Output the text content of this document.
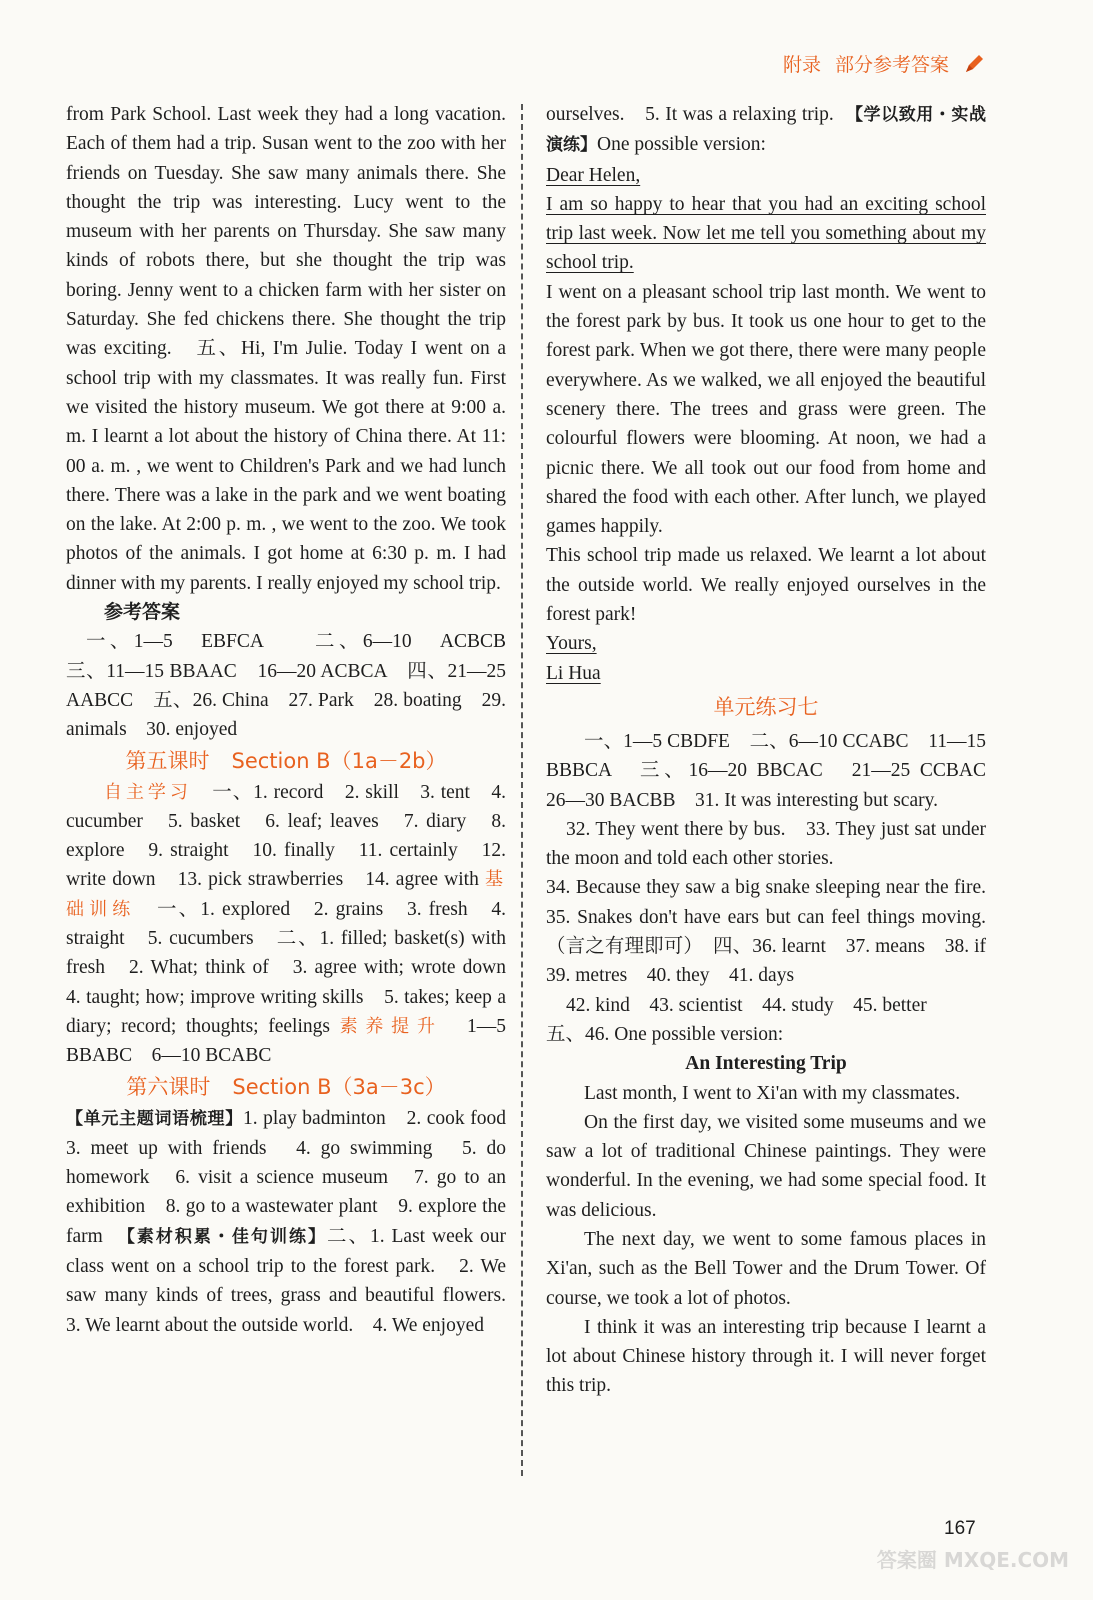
附录 部分参考答案

from Park School. Last week they had a long vacation. Each of them had a trip. Susan went to the zoo with her friends on Tuesday. She saw many animals there. She thought the trip was interesting. Lucy went to the museum with her parents on Thursday. She saw many kinds of robots there, but she thought the trip was boring. Jenny went to a chicken farm with her sister on Saturday. She fed chickens there. She thought the trip was exciting.　五、Hi, I'm Julie. Today I went on a school trip with my classmates. It was really fun. First we visited the history museum. We got there at 9:00 a. m. I learnt a lot about the history of China there. At 11: 00 a. m. , we went to Children's Park and we had lunch there. There was a lake in the park and we went boating on the lake. At 2:00 p. m. , we went to the zoo. We took photos of the animals. I got home at 6:30 p. m. I had dinner with my parents. I really enjoyed my school trip.

参考答案

一、1—5　EBFCA　　二、6—10　ACBCB　三、11—15 BBAAC　16—20 ACBCA　四、21—25 AABCC　五、26. China　27. Park　28. boating　29. animals　30. enjoyed

第五课时 Section B（1a－2b）

自主学习　一、1. record　2. skill　3. tent　4. cucumber　5. basket　6. leaf; leaves　7. diary　8. explore　9. straight　10. finally　11. certainly　12. write down　13. pick strawberries　14. agree with 基础训练　一、1. explored　2. grains　3. fresh　4. straight　5. cucumbers　二、1. filled; basket(s) with fresh　2. What; think of　3. agree with; wrote down　4. taught; how; improve writing skills　5. takes; keep a diary; record; thoughts; feelings 素养提升　1—5　BBABC　6—10 BCABC

第六课时 Section B（3a－3c）

【单元主题词语梳理】1. play badminton　2. cook food　3. meet up with friends　4. go swimming　5. do homework　6. visit a science museum　7. go to an exhibition　8. go to a wastewater plant　9. explore the farm　【素材积累・佳句训练】二、1. Last week our class went on a school trip to the forest park.　2. We saw many kinds of trees, grass and beautiful flowers.　3. We learnt about the outside world.　4. We enjoyed

ourselves.　5. It was a relaxing trip.　【学以致用・实战演练】One possible version:

Dear Helen,

I am so happy to hear that you had an exciting school trip last week. Now let me tell you something about my school trip.

I went on a pleasant school trip last month. We went to the forest park by bus. It took us one hour to get to the forest park. When we got there, there were many people everywhere. As we walked, we all enjoyed the beautiful scenery there. The trees and grass were green. The colourful flowers were blooming. At noon, we had a picnic there. We all took out our food from home and shared the food with each other. After lunch, we played games happily.

This school trip made us relaxed. We learnt a lot about the outside world. We really enjoyed ourselves in the forest park!

Yours,

Li Hua

单元练习七

一、1—5 CBDFE　二、6—10 CCABC　11—15 BBBCA　三、16—20 BBCAC　21—25 CCBAC　26—30 BACBB　31. It was interesting but scary.

32. They went there by bus.　33. They just sat under the moon and told each other stories.

34. Because they saw a big snake sleeping near the fire.　35. Snakes don't have ears but can feel things moving.（言之有理即可）　四、36. learnt　37. means　38. if　39. metres　40. they　41. days

42. kind　43. scientist　44. study　45. better

五、46. One possible version:

An Interesting Trip

Last month, I went to Xi'an with my classmates.

On the first day, we visited some museums and we saw a lot of traditional Chinese paintings. They were wonderful. In the evening, we had some special food. It was delicious.

The next day, we went to some famous places in Xi'an, such as the Bell Tower and the Drum Tower. Of course, we took a lot of photos.

I think it was an interesting trip because I learnt a lot about Chinese history through it. I will never forget this trip.

167
答案圈 MXQE.COM
